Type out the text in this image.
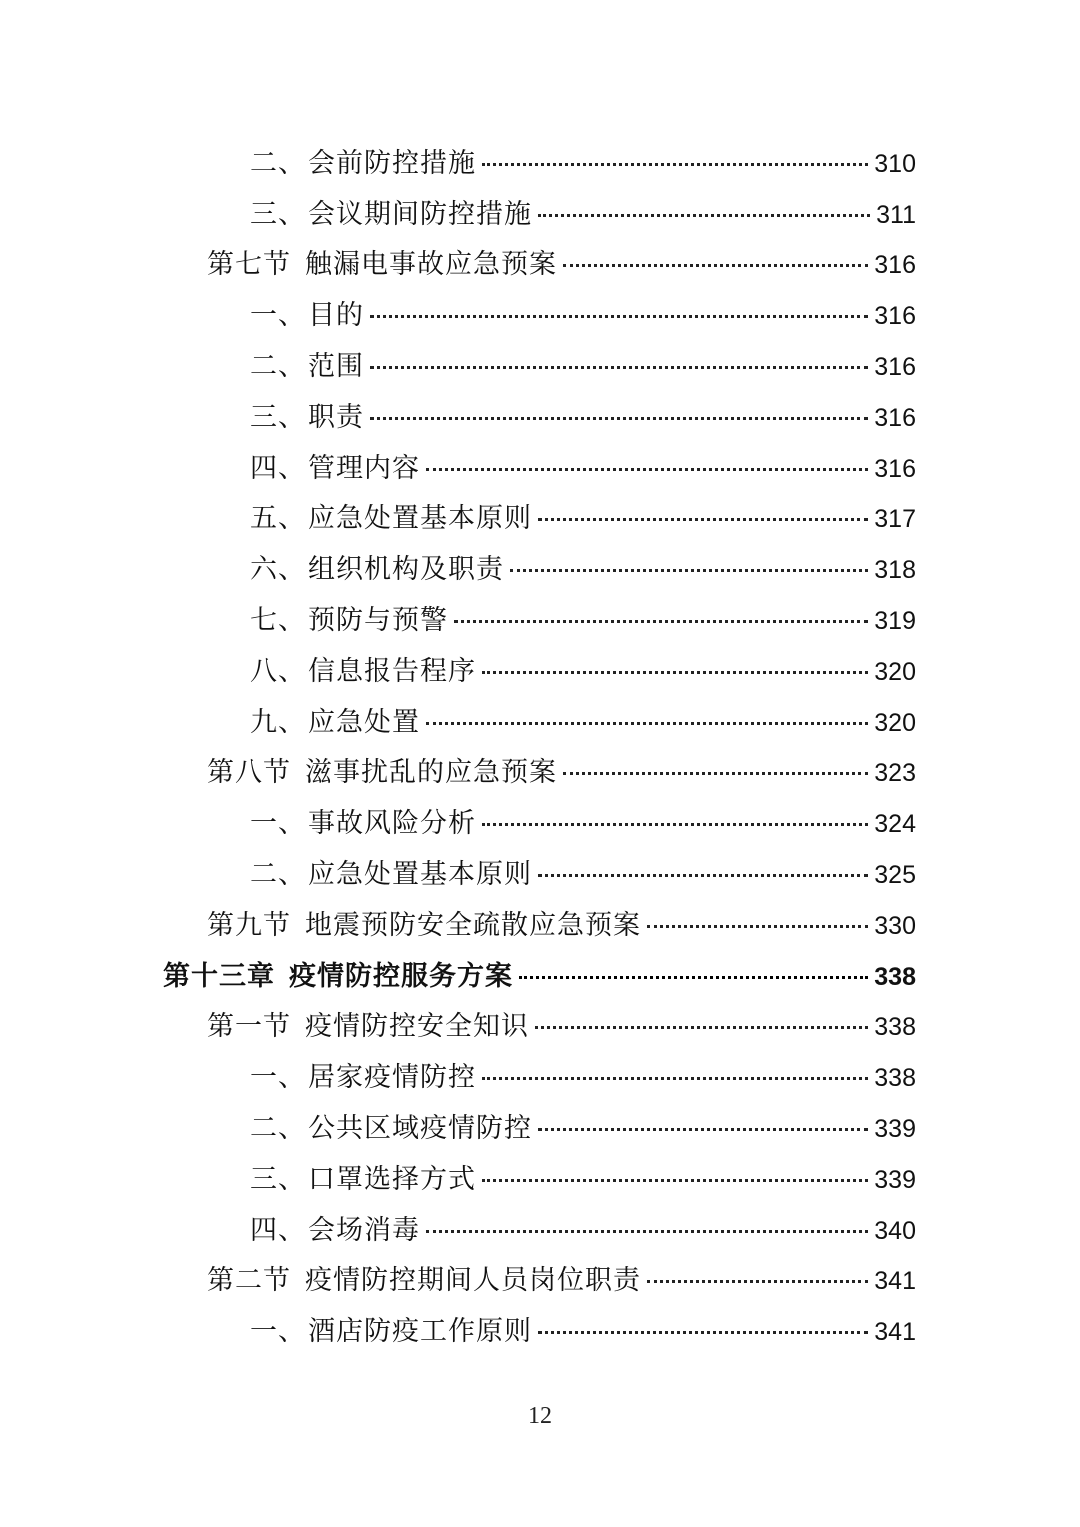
二、会前防控措施	310
三、会议期间防控措施	311
第七节 触漏电事故应急预案	316
一、目的	316
二、范围	316
三、职责	316
四、管理内容	316
五、应急处置基本原则	317
六、组织机构及职责	318
七、预防与预警	319
八、信息报告程序	320
九、应急处置	320
第八节 滋事扰乱的应急预案	323
一、事故风险分析	324
二、应急处置基本原则	325
第九节 地震预防安全疏散应急预案	330
第十三章 疫情防控服务方案	338
第一节 疫情防控安全知识	338
一、居家疫情防控	338
二、公共区域疫情防控	339
三、口罩选择方式	339
四、会场消毒	340
第二节 疫情防控期间人员岗位职责	341
一、酒店防疫工作原则	341
12
